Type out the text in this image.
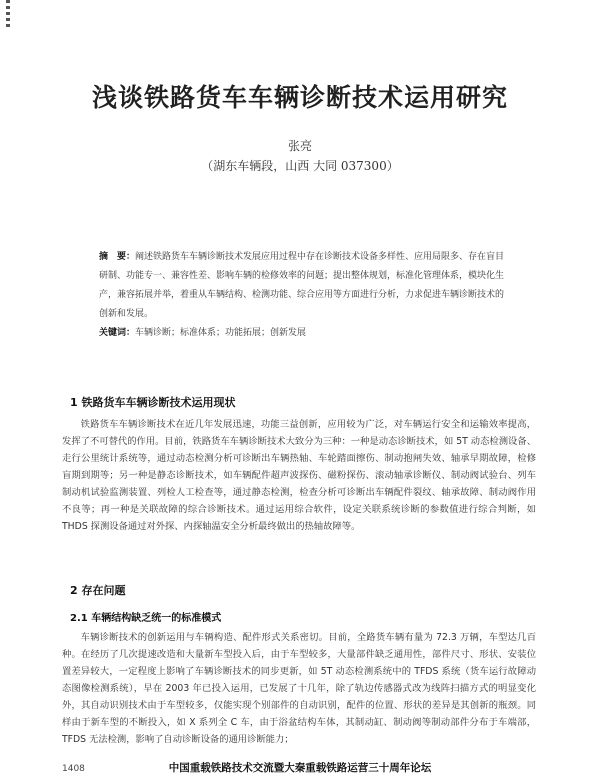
浅谈铁路货车车辆诊断技术运用研究
张亮
（湖东车辆段，山西 大同 037300）
摘　要：阐述铁路货车车辆诊断技术发展应用过程中存在诊断技术设备多样性、应用局限多、存在盲目研制、功能专一、兼容性差、影响车辆的检修效率的问题；提出整体规划，标准化管理体系，模块化生产，兼容拓展并举，着重从车辆结构、检测功能、综合应用等方面进行分析，力求促进车辆诊断技术的创新和发展。
关键词：车辆诊断；标准体系；功能拓展；创新发展
1 铁路货车车辆诊断技术运用现状
铁路货车车辆诊断技术在近几年发展迅速，功能三益创新，应用较为广泛，对车辆运行安全和运输效率提高，发挥了不可替代的作用。目前，铁路货车车辆诊断技术大致分为三种：一种是动态诊断技术，如 5T 动态检测设备、走行公里统计系统等，通过动态检测分析可诊断出车辆热轴、车轮踏面擦伤、制动抱闸失效、轴承早期故障，检修盲期到期等；另一种是静态诊断技术，如车辆配件超声波探伤、磁粉探伤、滚动轴承诊断仪、制动阀试验台、列车制动机试验监测装置、列检人工检查等，通过静态检测，检查分析可诊断出车辆配件裂纹、轴承故障、制动阀作用不良等；再一种是关联故障的综合诊断技术。通过运用综合软件，设定关联系统诊断的参数值进行综合判断，如 THDS 探测设备通过对外探、内探轴温安全分析最终做出的热轴故障等。
2 存在问题
2.1 车辆结构缺乏统一的标准模式
车辆诊断技术的创新运用与车辆构造、配件形式关系密切。目前，全路货车辆有量为 72.3 万辆，车型达几百种。在经历了几次提速改造和大量新车型投入后，由于车型较多，大量部件缺乏通用性，部件尺寸、形状、安装位置差异较大，一定程度上影响了车辆诊断技术的同步更新，如 5T 动态检测系统中的 TFDS 系统（货车运行故障动态图像检测系统），早在 2003 年已投入运用，已发展了十几年，除了轨边传感器式改为线阵扫描方式的明显变化外，其自动识别技术由于车型较多，仅能实现个别部件的自动识别，配件的位置、形状的差异是其创新的瓶颈。同样由于新车型的不断投入，如 X 系列全 C 车，由于浴盆结构车体，其制动缸、制动阀等制动部件分布于车端部，TFDS 无法检测，影响了自动诊断设备的通用诊断能力；
1408	中国重载铁路技术交流暨大秦重载铁路运营三十周年论坛
